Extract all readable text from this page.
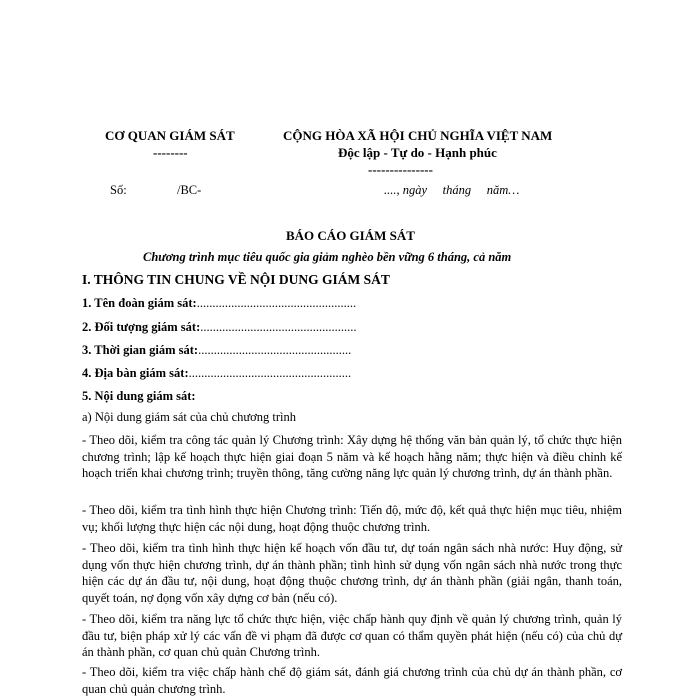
CƠ QUAN GIÁM SÁT
--------
CỘNG HÒA XÃ HỘI CHỦ NGHĨA VIỆT NAM
Độc lập - Tự do - Hạnh phúc
---------------
Số:	/BC-	...., ngày     tháng     năm…
BÁO CÁO GIÁM SÁT
Chương trình mục tiêu quốc gia giảm nghèo bền vững 6 tháng, cả năm
I. THÔNG TIN CHUNG VỀ NỘI DUNG GIÁM SÁT
1. Tên đoàn giám sát:...................................................
2. Đối tượng giám sát:..................................................
3. Thời gian giám sát:.................................................
4. Địa bàn giám sát:....................................................
5. Nội dung giám sát:
a) Nội dung giám sát của chủ chương trình
- Theo dõi, kiểm tra công tác quản lý Chương trình: Xây dựng hệ thống văn bản quản lý, tổ chức thực hiện chương trình; lập kế hoạch thực hiện giai đoạn 5 năm và kế hoạch hằng năm; thực hiện và điều chỉnh kế hoạch triển khai chương trình; truyền thông, tăng cường năng lực quản lý chương trình, dự án thành phần.
- Theo dõi, kiểm tra tình hình thực hiện Chương trình: Tiến độ, mức độ, kết quả thực hiện mục tiêu, nhiệm vụ; khối lượng thực hiện các nội dung, hoạt động thuộc chương trình.
- Theo dõi, kiểm tra tình hình thực hiện kế hoạch vốn đầu tư, dự toán ngân sách nhà nước: Huy động, sử dụng vốn thực hiện chương trình, dự án thành phần; tình hình sử dụng vốn ngân sách nhà nước trong thực hiện các dự án đầu tư, nội dung, hoạt động thuộc chương trình, dự án thành phần (giải ngân, thanh toán, quyết toán, nợ đọng vốn xây dựng cơ bản (nếu có).
- Theo dõi, kiểm tra năng lực tổ chức thực hiện, việc chấp hành quy định về quản lý chương trình, quản lý đầu tư, biện pháp xử lý các vấn đề vi phạm đã được cơ quan có thẩm quyền phát hiện (nếu có) của chủ dự án thành phần, cơ quan chủ quản Chương trình.
- Theo dõi, kiểm tra việc chấp hành chế độ giám sát, đánh giá chương trình của chủ dự án thành phần, cơ quan chủ quản chương trình.
